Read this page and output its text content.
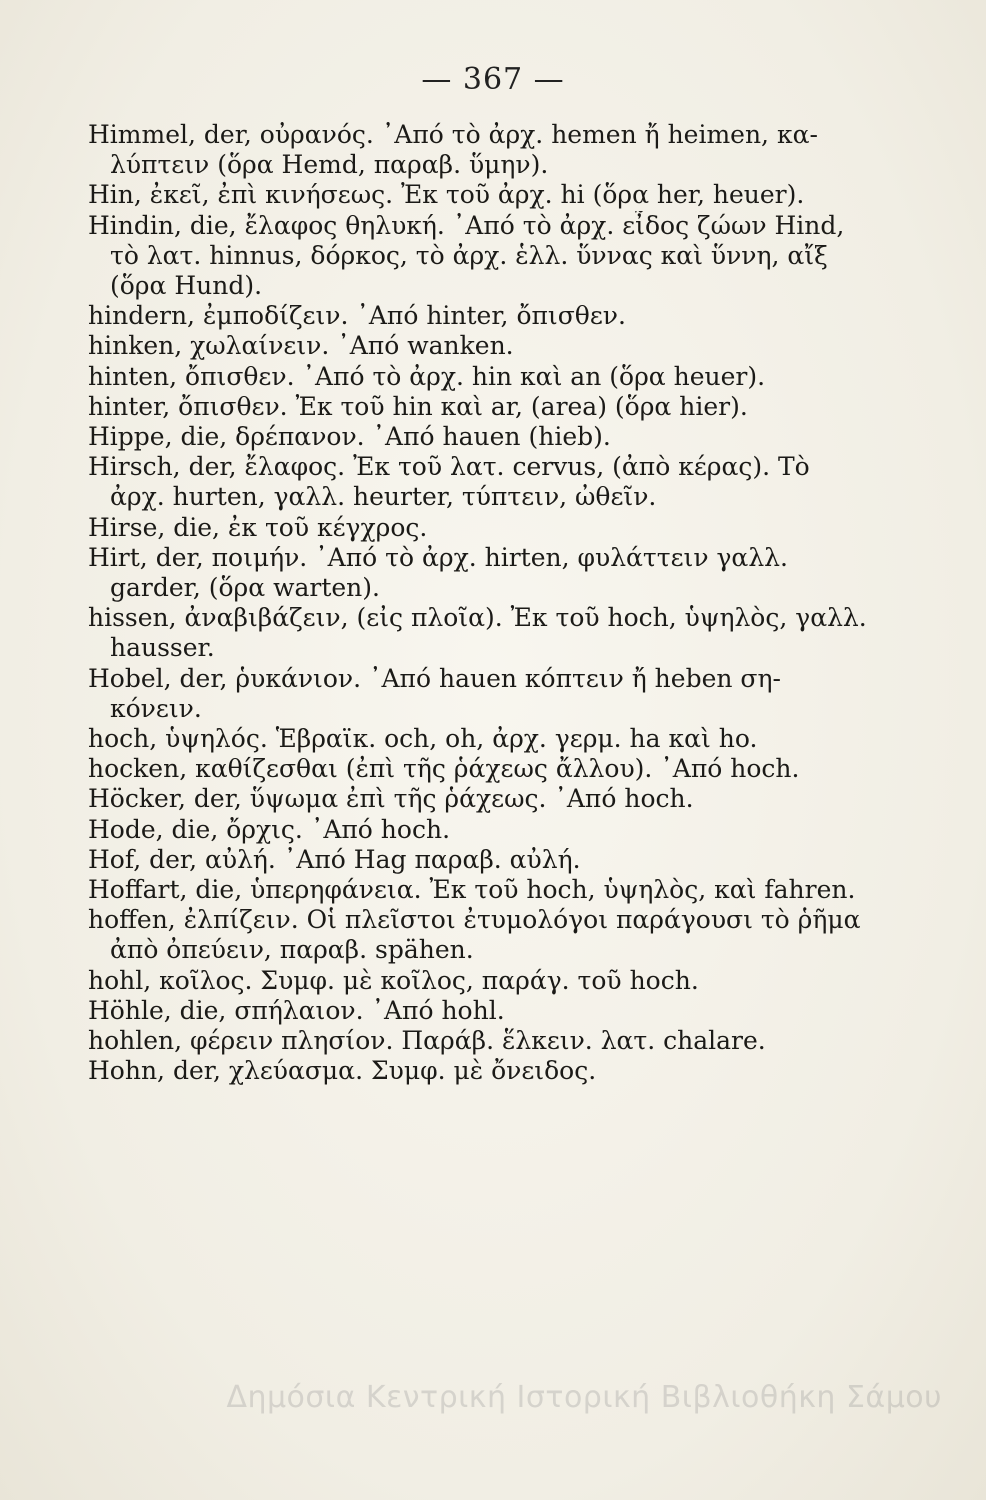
— 367 —
Himmel, der, οὐρανός. ᾿Από τὸ ἀρχ. hemen ἤ heimen, κα-
λύπτειν (ὅρα Hemd, παραβ. ὕμην).
Hin, ἐκεῖ, ἐπὶ κινήσεως. Ἐκ τοῦ ἀρχ. hi (ὅρα her, heuer).
Hindin, die, ἔλαφος θηλυκή. ᾿Από τὸ ἀρχ. εἶδος ζώων Hind,
τὸ λατ. hinnus, δόρκος, τὸ ἀρχ. ἑλλ. ὕννας καὶ ὕννη, αἴξ
(ὅρα Hund).
hindern, ἐμποδίζειν. ᾿Από hinter, ὄπισθεν.
hinken, χωλαίνειν. ᾿Από wanken.
hinten, ὄπισθεν. ᾿Από τὸ ἀρχ. hin καὶ an (ὅρα heuer).
hinter, ὄπισθεν. Ἐκ τοῦ hin καὶ ar, (area) (ὅρα hier).
Hippe, die, δρέπανον. ᾿Από hauen (hieb).
Hirsch, der, ἔλαφος. Ἐκ τοῦ λατ. cervus, (ἀπὸ κέρας). Τὸ
ἀρχ. hurten, γαλλ. heurter, τύπτειν, ὠθεῖν.
Hirse, die, ἐκ τοῦ κέγχρος.
Hirt, der, ποιμήν. ᾿Από τὸ ἀρχ. hirten, φυλάττειν γαλλ.
garder, (ὅρα warten).
hissen, ἀναβιβάζειν, (εἰς πλοῖα). Ἐκ τοῦ hoch, ὑψηλὸς, γαλλ.
hausser.
Hobel, der, ῥυκάνιον. ᾿Από hauen κόπτειν ἤ heben ση-
κόνειν.
hoch, ὑψηλός. Ἑβραϊκ. och, oh, ἀρχ. γερμ. ha καὶ ho.
hocken, καθίζεσθαι (ἐπὶ τῆς ῥάχεως ἄλλου). ᾿Από hoch.
Höcker, der, ὕψωμα ἐπὶ τῆς ῥάχεως. ᾿Από hoch.
Hode, die, ὄρχις. ᾿Από hoch.
Hof, der, αὐλή. ᾿Από Hag παραβ. αὐλή.
Hoffart, die, ὑπερηφάνεια. Ἐκ τοῦ hoch, ὑψηλὸς, καὶ fahren.
hoffen, ἐλπίζειν. Οἱ πλεῖστοι ἐτυμολόγοι παράγουσι τὸ ῥῆμα
ἀπὸ ὀπεύειν, παραβ. spähen.
hohl, κοῖλος. Συμφ. μὲ κοῖλος, παράγ. τοῦ hoch.
Höhle, die, σπήλαιον. ᾿Από hohl.
hohlen, φέρειν πλησίον. Παράβ. ἕλκειν. λατ. chalare.
Hohn, der, χλεύασμα. Συμφ. μὲ ὄνειδος.
Δημόσια Κεντρική Ιστορική Βιβλιοθήκη Σάμου
